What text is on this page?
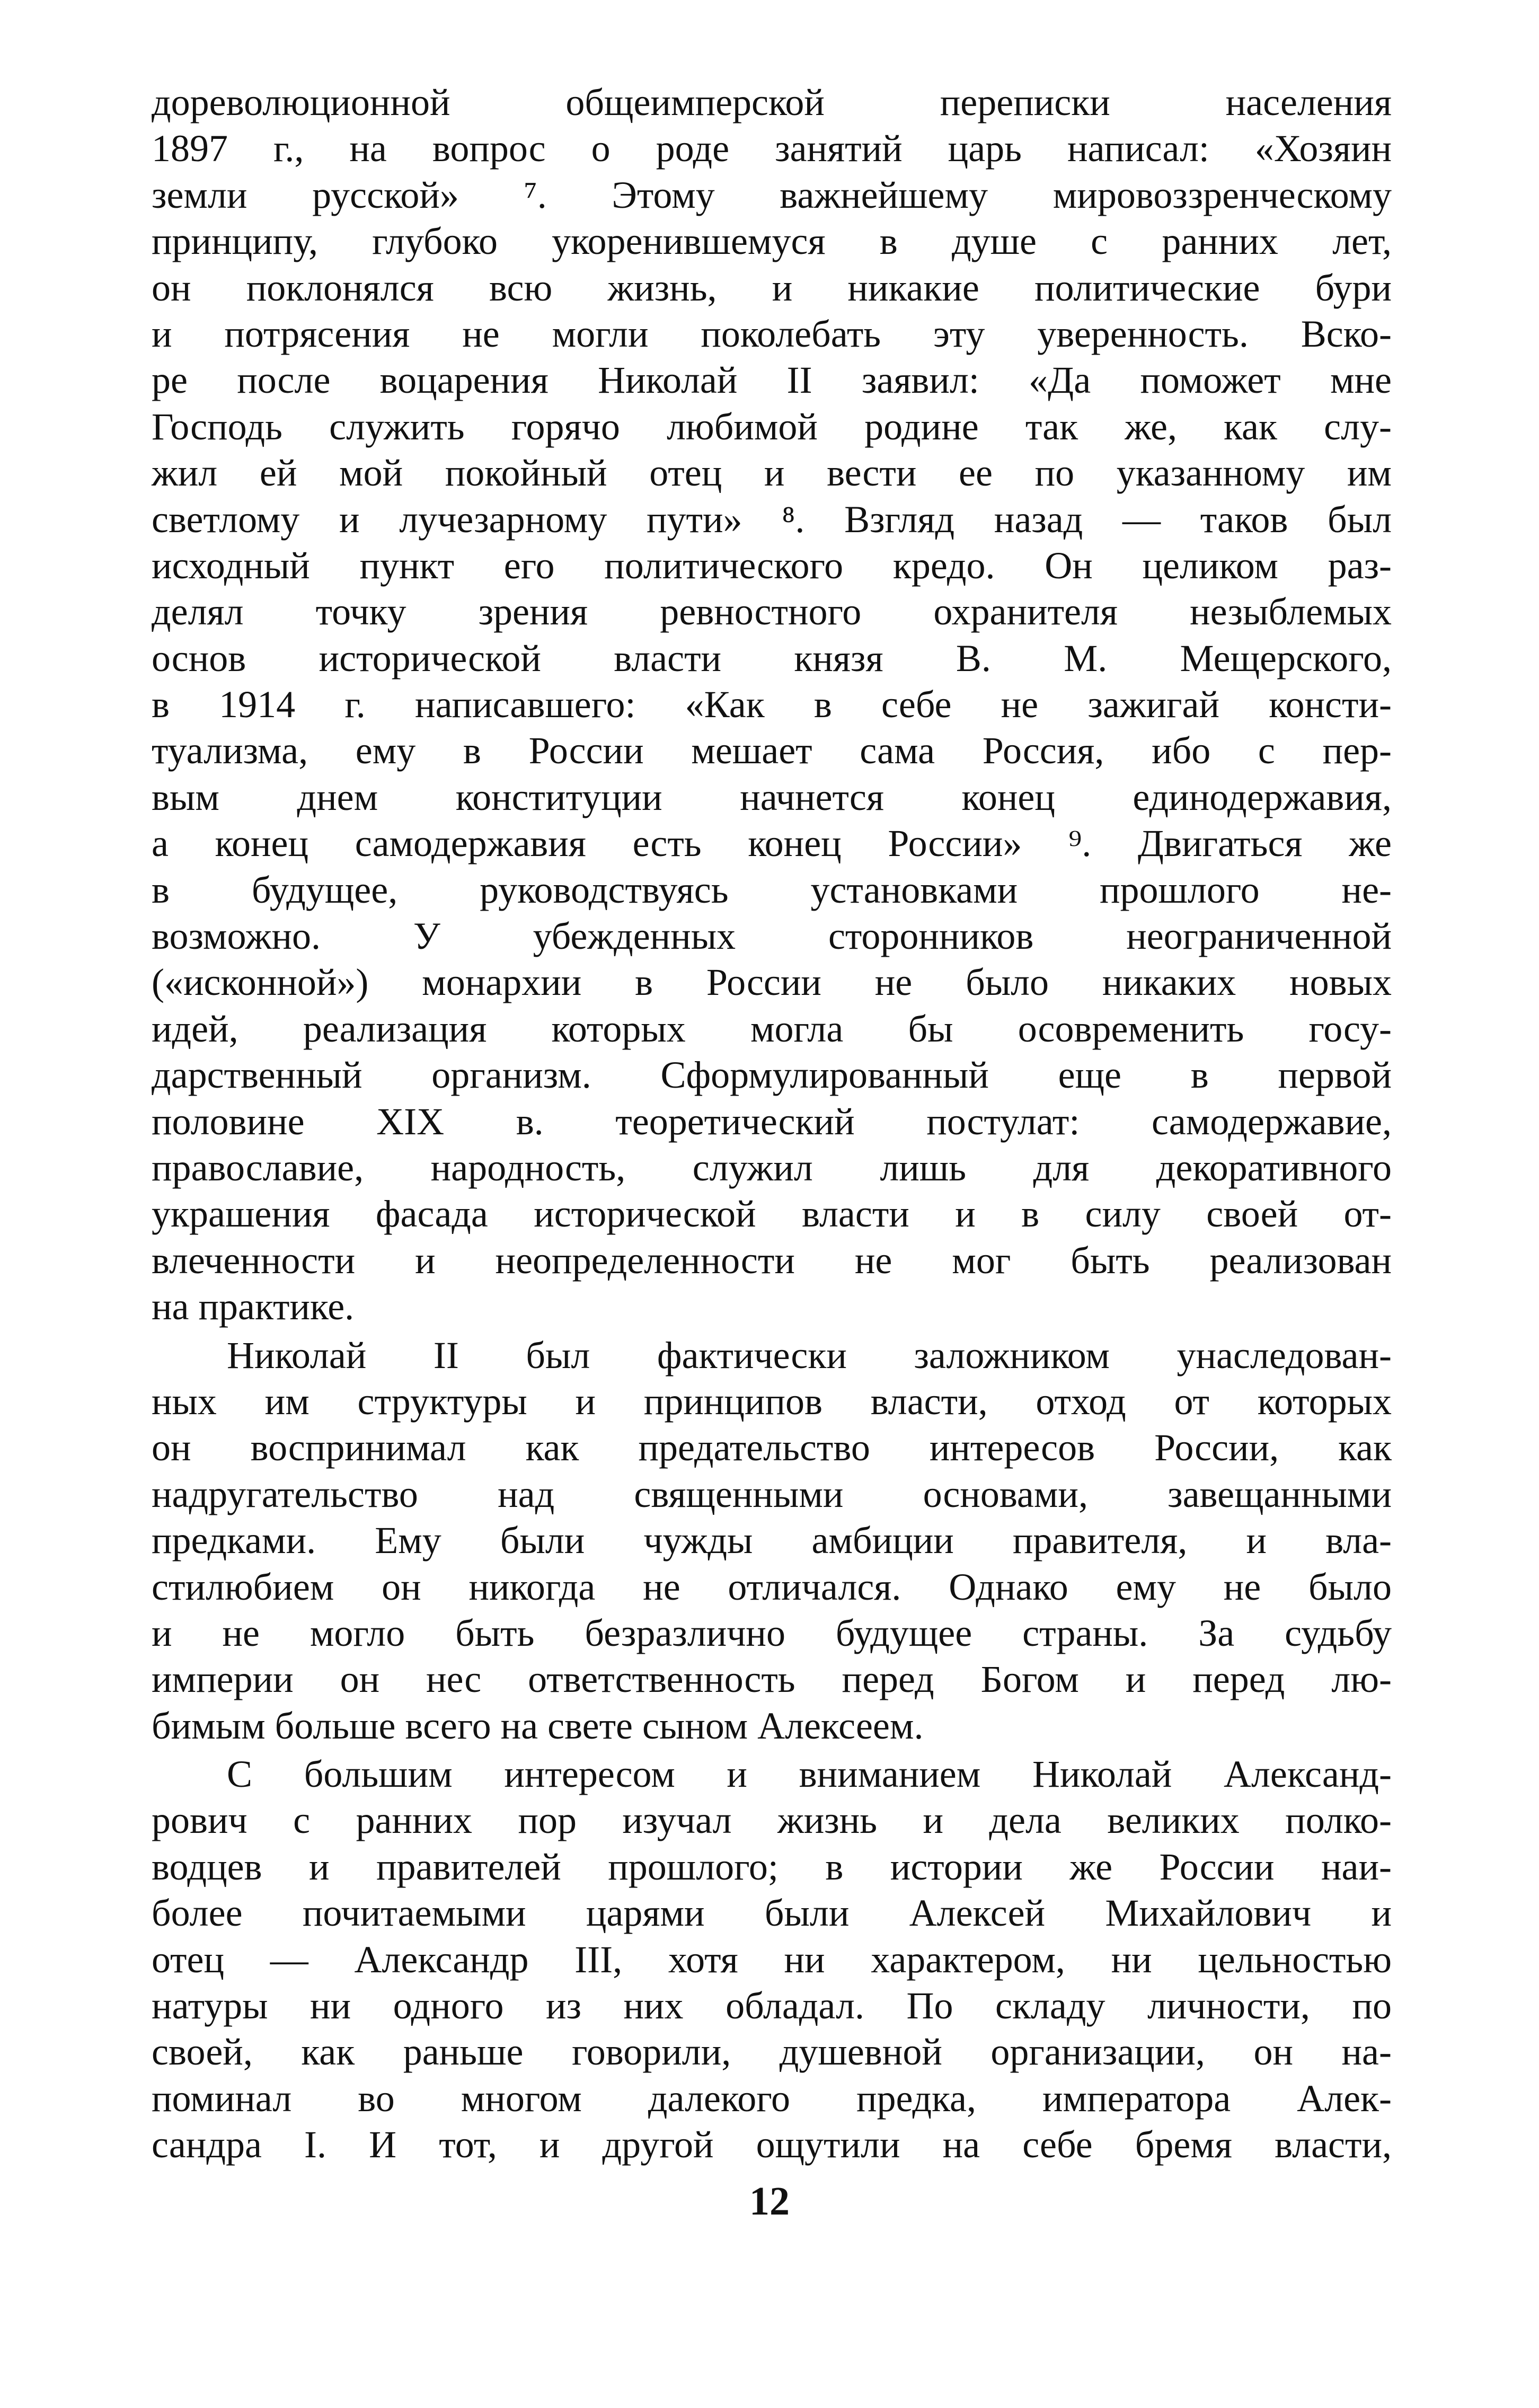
дореволюционной общеимперской переписки населения
1897 г., на вопрос о роде занятий царь написал: «Хозяин
земли русской» ⁷. Этому важнейшему мировоззренческому
принципу, глубоко укоренившемуся в душе с ранних лет,
он поклонялся всю жизнь, и никакие политические бури
и потрясения не могли поколебать эту уверенность. Вско-
ре после воцарения Николай II заявил: «Да поможет мне
Господь служить горячо любимой родине так же, как слу-
жил ей мой покойный отец и вести ее по указанному им
светлому и лучезарному пути» ⁸. Взгляд назад — таков был
исходный пункт его политического кредо. Он целиком раз-
делял точку зрения ревностного охранителя незыблемых
основ исторической власти князя В. М. Мещерского,
в 1914 г. написавшего: «Как в себе не зажигай консти-
туализма, ему в России мешает сама Россия, ибо с пер-
вым днем конституции начнется конец единодержавия,
а конец самодержавия есть конец России» ⁹. Двигаться же
в будущее, руководствуясь установками прошлого не-
возможно. У убежденных сторонников неограниченной
(«исконной») монархии в России не было никаких новых
идей, реализация которых могла бы осовременить госу-
дарственный организм. Сформулированный еще в первой
половине XIX в. теоретический постулат: самодержавие,
православие, народность, служил лишь для декоративного
украшения фасада исторической власти и в силу своей от-
влеченности и неопределенности не мог быть реализован
на практике.
Николай II был фактически заложником унаследован-
ных им структуры и принципов власти, отход от которых
он воспринимал как предательство интересов России, как
надругательство над священными основами, завещанными
предками. Ему были чужды амбиции правителя, и вла-
стилюбием он никогда не отличался. Однако ему не было
и не могло быть безразлично будущее страны. За судьбу
империи он нес ответственность перед Богом и перед лю-
бимым больше всего на свете сыном Алексеем.
С большим интересом и вниманием Николай Александ-
рович с ранних пор изучал жизнь и дела великих полко-
водцев и правителей прошлого; в истории же России наи-
более почитаемыми царями были Алексей Михайлович и
отец — Александр III, хотя ни характером, ни цельностью
натуры ни одного из них обладал. По складу личности, по
своей, как раньше говорили, душевной организации, он на-
поминал во многом далекого предка, императора Алек-
сандра I. И тот, и другой ощутили на себе бремя власти,
12
